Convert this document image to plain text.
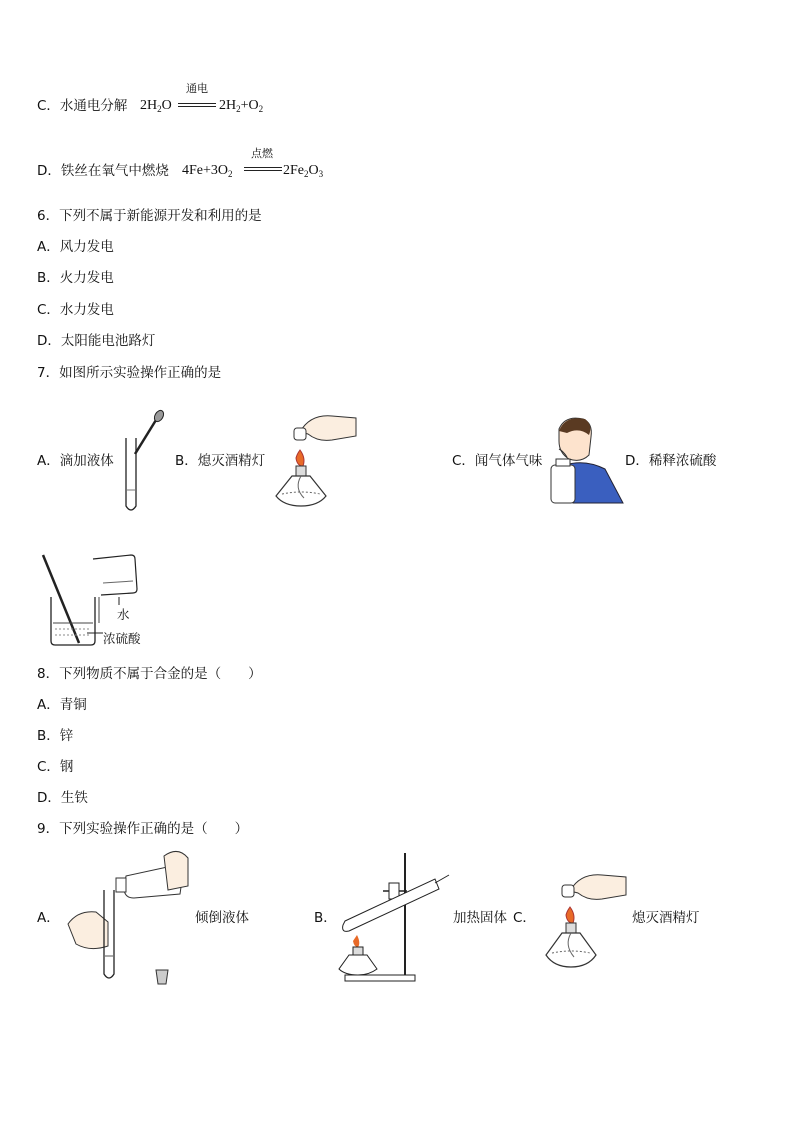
C．水通电分解 $2H_2O$
通电
$2H_2+O_2$
D．铁丝在氧气中燃烧 $4Fe+3O_2$
点燃
$2Fe_2O_3$
6．下列不属于新能源开发和利用的是
A．风力发电
B．火力发电
C．水力发电
D．太阳能电池路灯
7．如图所示实验操作正确的是
A．滴加液体	B．熄灭酒精灯	C．闻气体气味	D．稀释浓硫酸
水
浓硫酸
8．下列物质不属于合金的是（　　）
A．青铜
B．锌
C．钢
D．生铁
9．下列实验操作正确的是（　　）
A．	倾倒液体	B．	加热固体 C．	熄灭酒精灯
